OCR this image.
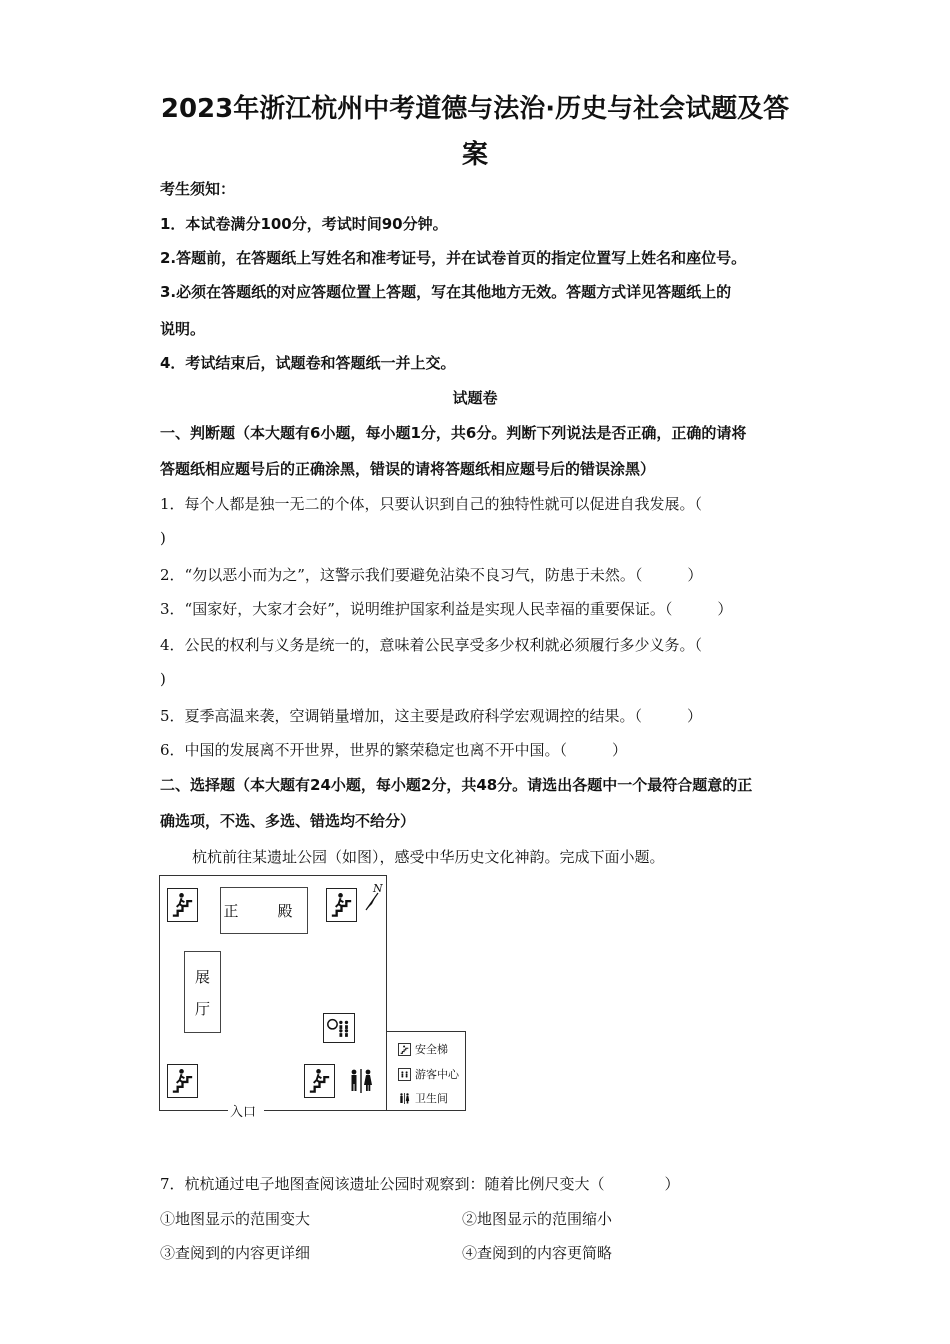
2023年浙江杭州中考道德与法治·历史与社会试题及答
案
考生须知：
1．本试卷满分100分，考试时间90分钟。
2.答题前，在答题纸上写姓名和准考证号，并在试卷首页的指定位置写上姓名和座位号。
3.必须在答题纸的对应答题位置上答题，写在其他地方无效。答题方式详见答题纸上的
说明。
4．考试结束后，试题卷和答题纸一并上交。
试题卷
一、判断题（本大题有6小题，每小题1分，共6分。判断下列说法是否正确，正确的请将
答题纸相应题号后的正确涂黑，错误的请将答题纸相应题号后的错误涂黑）
1．每个人都是独一无二的个体，只要认识到自己的独特性就可以促进自我发展。（
)
2．“勿以恶小而为之”，这警示我们要避免沾染不良习气，防患于未然。（　　　）
3．“国家好，大家才会好”，说明维护国家利益是实现人民幸福的重要保证。（　　　）
4．公民的权利与义务是统一的，意味着公民享受多少权利就必须履行多少义务。（
)
5．夏季高温来袭，空调销量增加，这主要是政府科学宏观调控的结果。（　　　）
6．中国的发展离不开世界，世界的繁荣稳定也离不开中国。（　　　）
二、选择题（本大题有24小题，每小题2分，共48分。请选出各题中一个最符合题意的正
确选项，不选、多选、错选均不给分）
杭杭前往某遗址公园（如图），感受中华历史文化神韵。完成下面小题。
入口
正　殿
展
厅
N
安全梯
游客中心
卫生间
7．杭杭通过电子地图查阅该遗址公园时观察到：随着比例尺变大（　　　　）
①地图显示的范围变大	②地图显示的范围缩小
③查阅到的内容更详细	④查阅到的内容更简略
